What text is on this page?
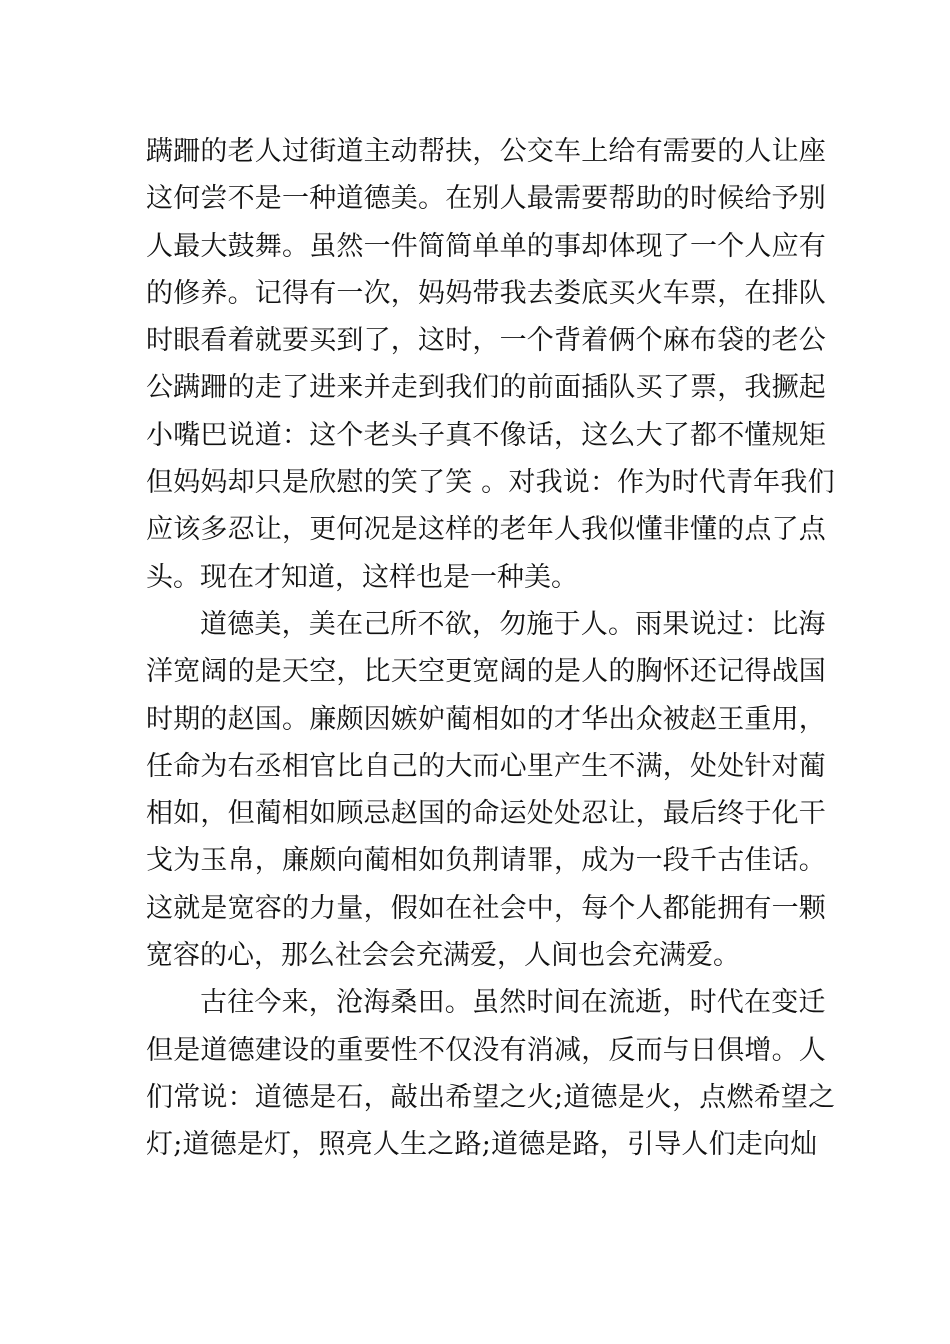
蹒跚的老人过街道主动帮扶，公交车上给有需要的人让座
这何尝不是一种道德美。在别人最需要帮助的时候给予别
人最大鼓舞。虽然一件简简单单的事却体现了一个人应有
的修养。记得有一次，妈妈带我去娄底买火车票，在排队
时眼看着就要买到了，这时，一个背着俩个麻布袋的老公
公蹒跚的走了进来并走到我们的前面插队买了票，我撅起
小嘴巴说道：这个老头子真不像话，这么大了都不懂规矩
但妈妈却只是欣慰的笑了笑 。对我说：作为时代青年我们
应该多忍让，更何况是这样的老年人我似懂非懂的点了点
头。现在才知道，这样也是一种美。
道德美，美在己所不欲，勿施于人。雨果说过：比海
洋宽阔的是天空，比天空更宽阔的是人的胸怀还记得战国
时期的赵国。廉颇因嫉妒蔺相如的才华出众被赵王重用，
任命为右丞相官比自己的大而心里产生不满，处处针对蔺
相如，但蔺相如顾忌赵国的命运处处忍让，最后终于化干
戈为玉帛，廉颇向蔺相如负荆请罪，成为一段千古佳话。
这就是宽容的力量，假如在社会中，每个人都能拥有一颗
宽容的心，那么社会会充满爱，人间也会充满爱。
古往今来，沧海桑田。虽然时间在流逝，时代在变迁
但是道德建设的重要性不仅没有消减，反而与日俱增。人
们常说：道德是石，敲出希望之火;道德是火，点燃希望之
灯;道德是灯，照亮人生之路;道德是路，引导人们走向灿
